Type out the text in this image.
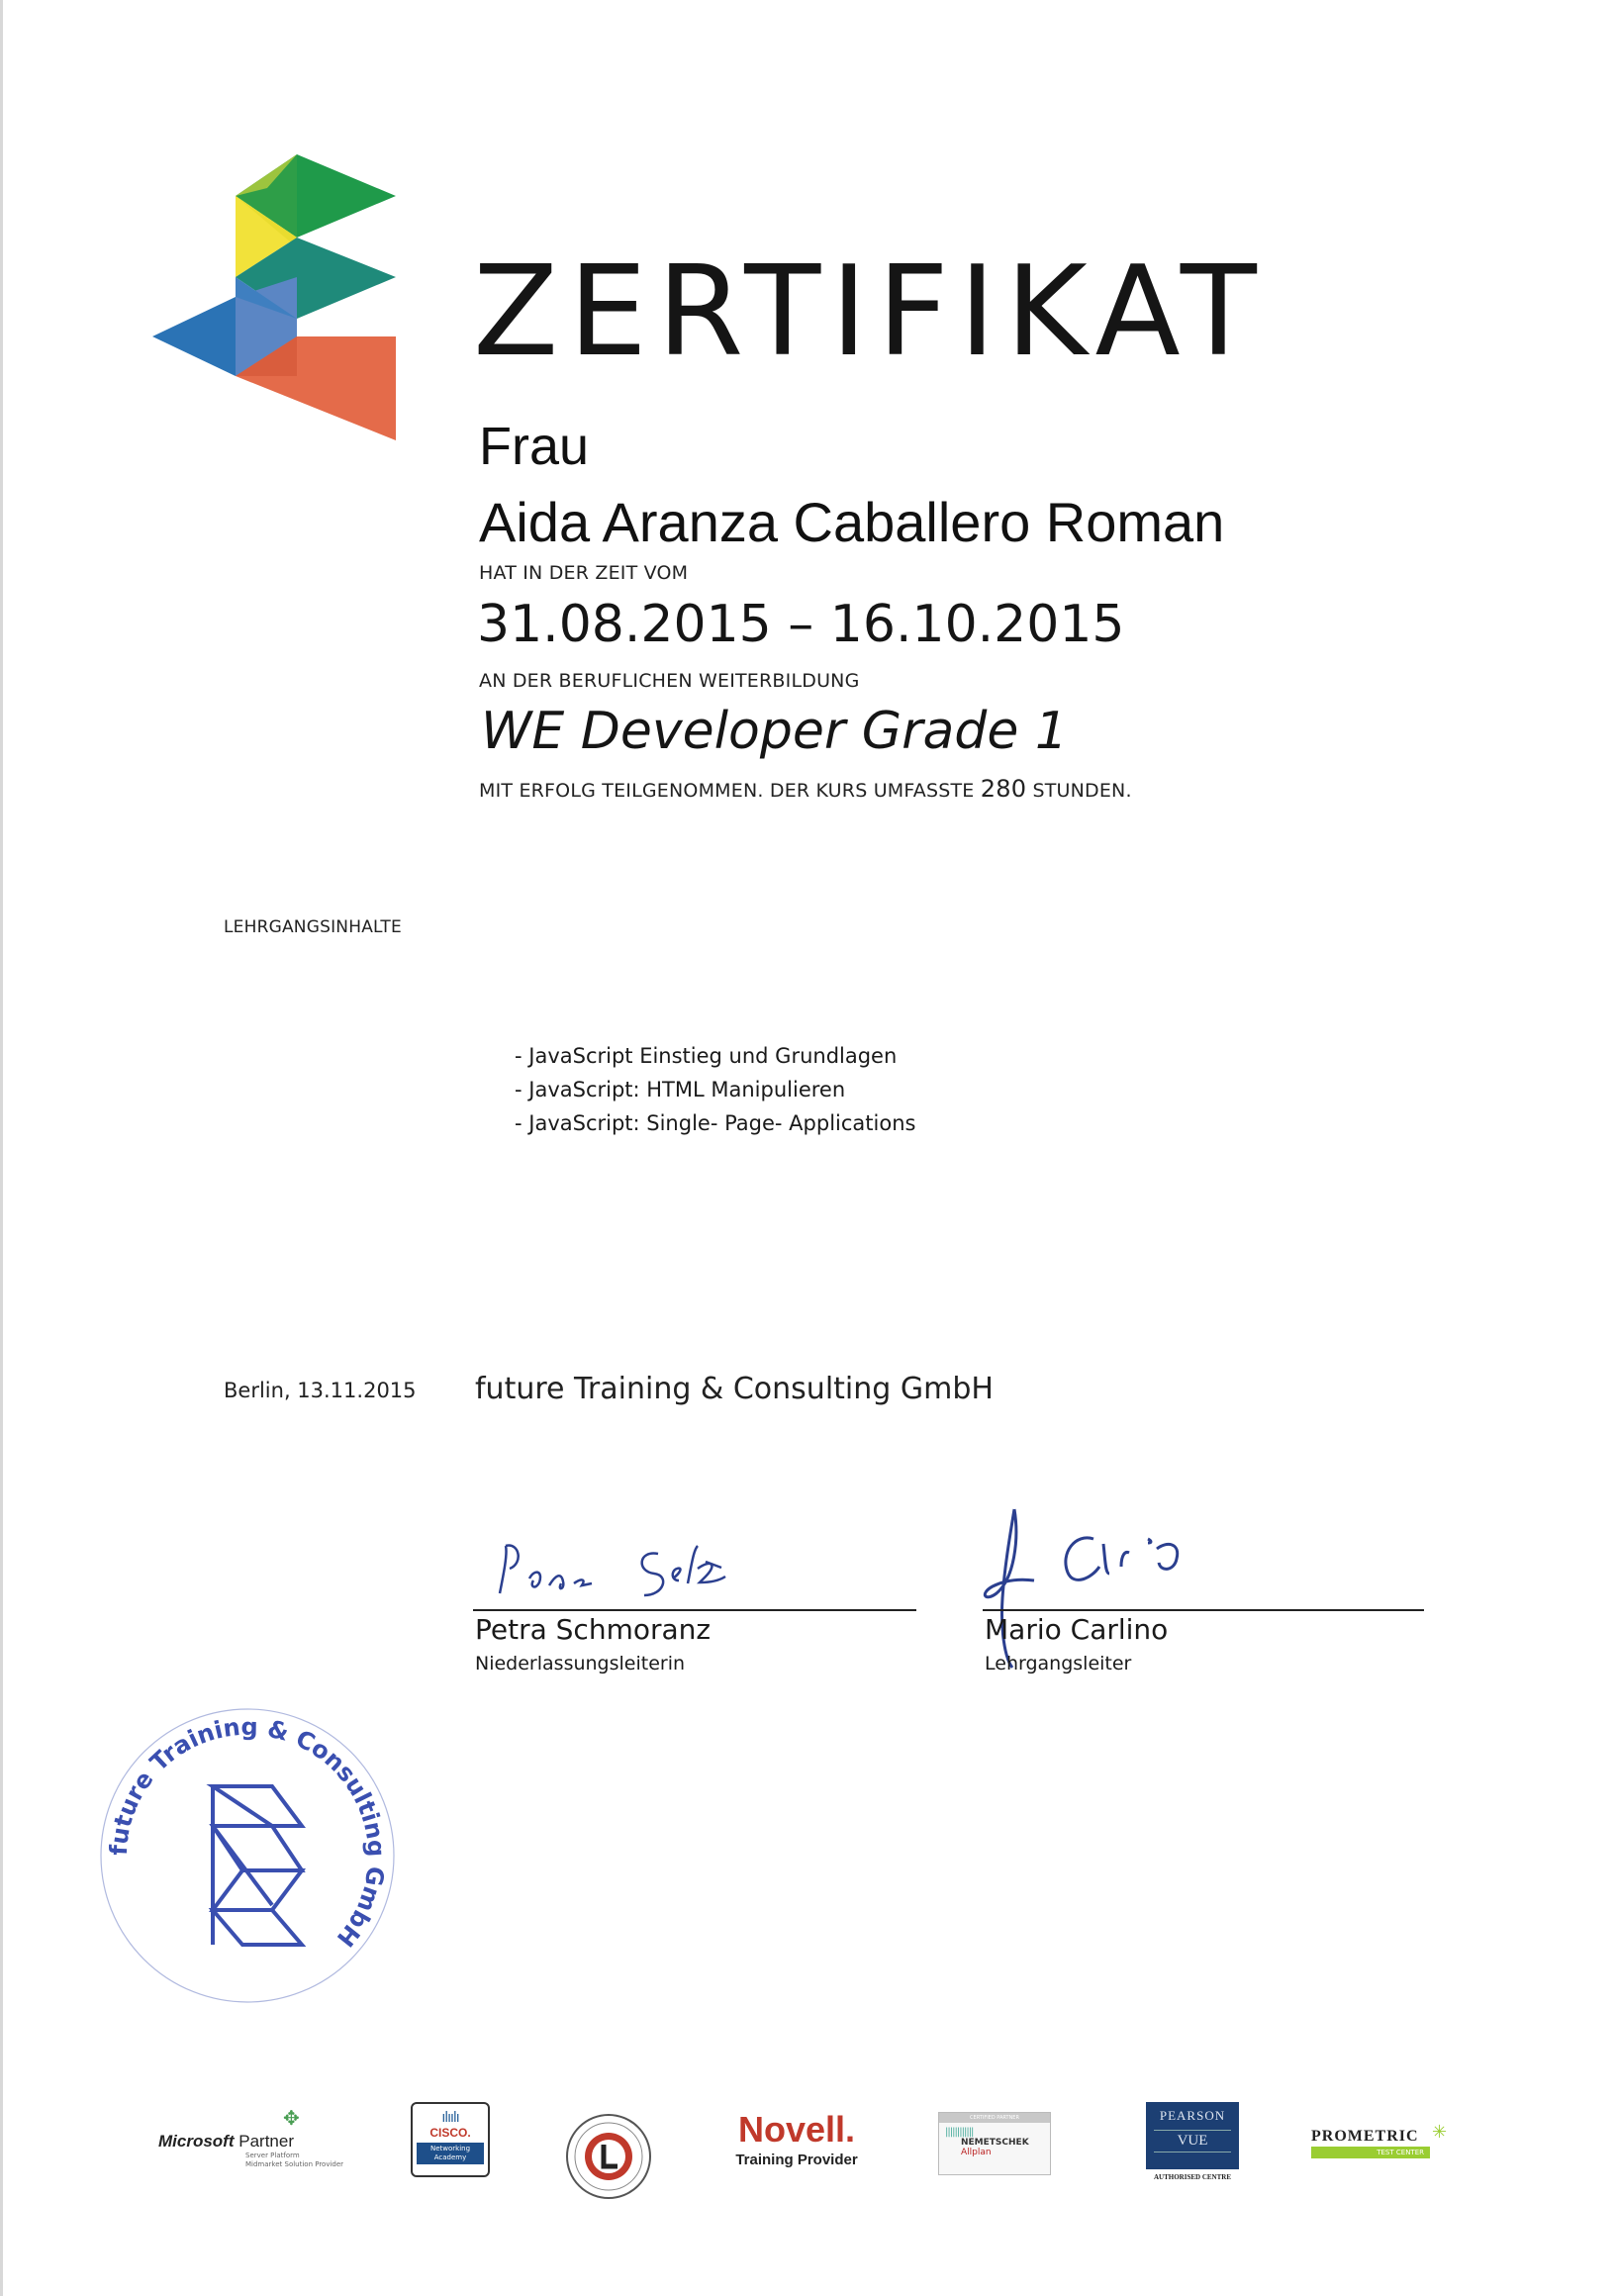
ZERTIFIKAT
Frau
Aida Aranza Caballero Roman
HAT IN DER ZEIT VOM
31.08.2015 – 16.10.2015
AN DER BERUFLICHEN WEITERBILDUNG
WE Developer Grade 1
MIT ERFOLG TEILGENOMMEN. DER KURS UMFASSTE 280 STUNDEN.
LEHRGANGSINHALTE
- JavaScript Einstieg und Grundlagen
- JavaScript: HTML Manipulieren
- JavaScript: Single- Page- Applications
Berlin, 13.11.2015 future Training & Consulting GmbH
Petra Schmoranz
Niederlassungsleiterin
Mario Carlino
Lehrgangsleiter
future Training & Consulting GmbH
✥
Microsoft Partner
Server Platform
Midmarket Solution Provider
ılıılı
CISCO.
Networking Academy
Novell.
Training Provider
CERTIFIED PARTNER
||||||||||||
NEMETSCHEK
Allplan
PEARSON
VUE
AUTHORISED CENTRE
✳
PROMETRIC
TEST CENTER
